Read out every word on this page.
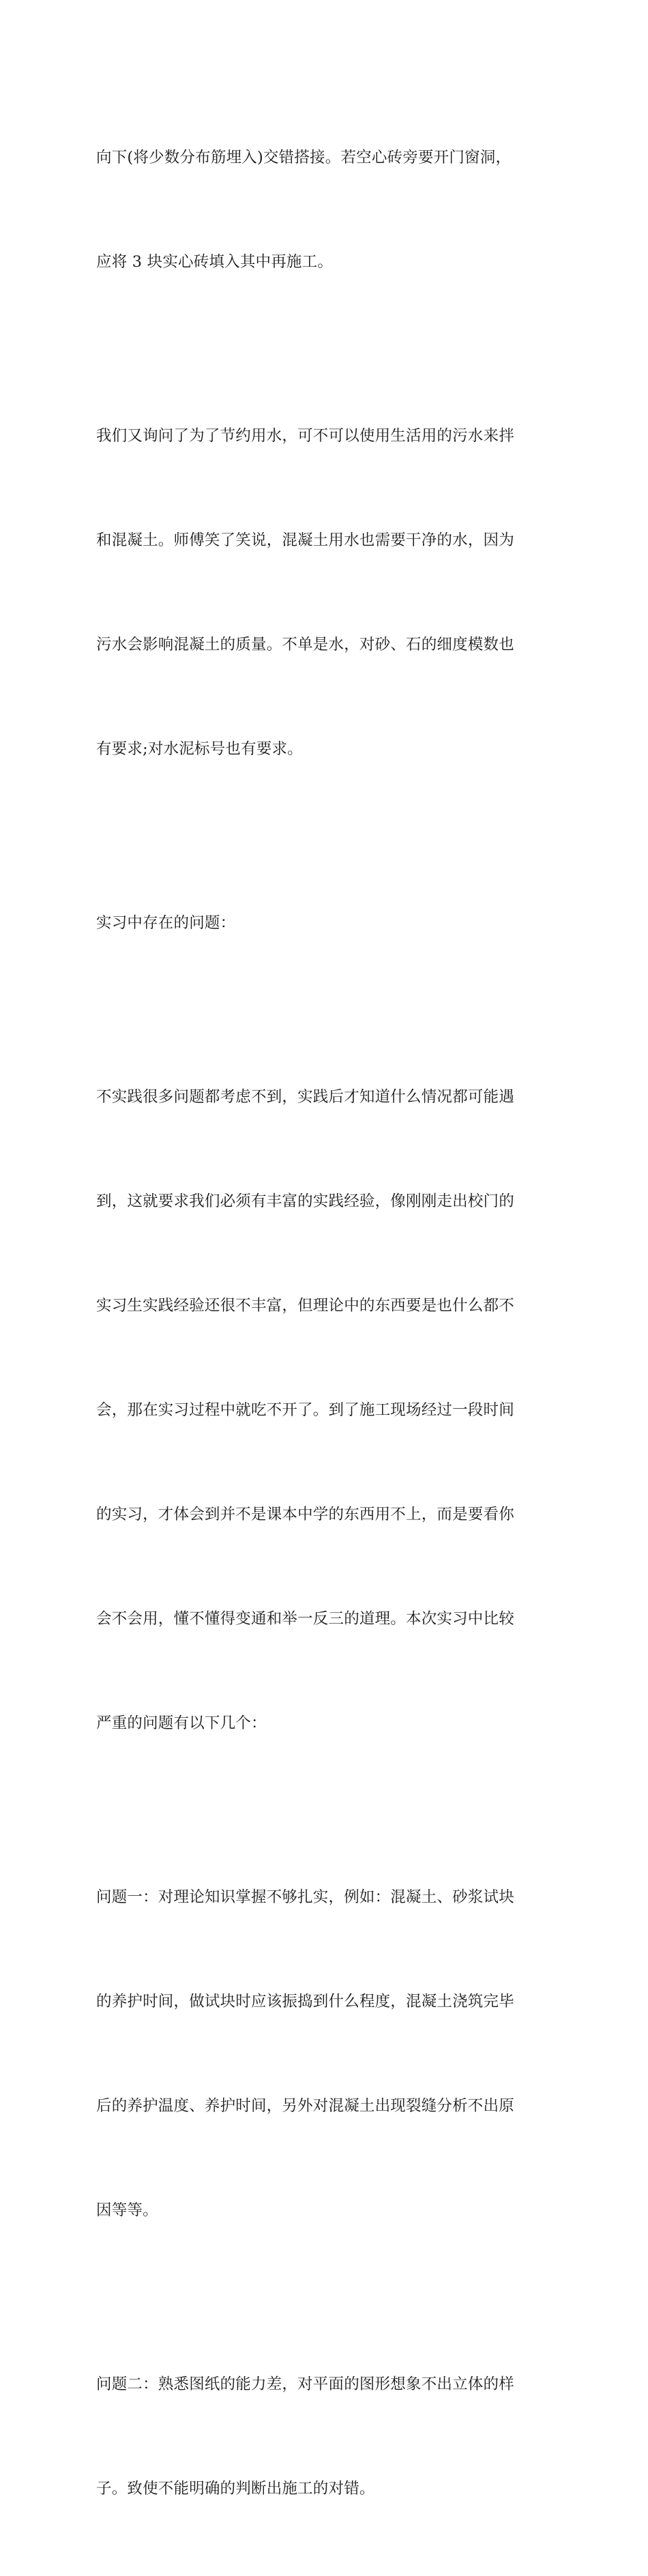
向下(将少数分布筋埋入)交错搭接。若空心砖旁要开门窗洞，

应将 3 块实心砖填入其中再施工。

我们又询问了为了节约用水，可不可以使用生活用的污水来拌

和混凝土。师傅笑了笑说，混凝土用水也需要干净的水，因为

污水会影响混凝土的质量。不单是水，对砂、石的细度模数也

有要求;对水泥标号也有要求。

实习中存在的问题：

不实践很多问题都考虑不到，实践后才知道什么情况都可能遇

到，这就要求我们必须有丰富的实践经验，像刚刚走出校门的

实习生实践经验还很不丰富，但理论中的东西要是也什么都不

会，那在实习过程中就吃不开了。到了施工现场经过一段时间

的实习，才体会到并不是课本中学的东西用不上，而是要看你

会不会用，懂不懂得变通和举一反三的道理。本次实习中比较

严重的问题有以下几个：

问题一：对理论知识掌握不够扎实，例如：混凝土、砂浆试块

的养护时间，做试块时应该振捣到什么程度，混凝土浇筑完毕

后的养护温度、养护时间，另外对混凝土出现裂缝分析不出原

因等等。

问题二：熟悉图纸的能力差，对平面的图形想象不出立体的样

子。致使不能明确的判断出施工的对错。
